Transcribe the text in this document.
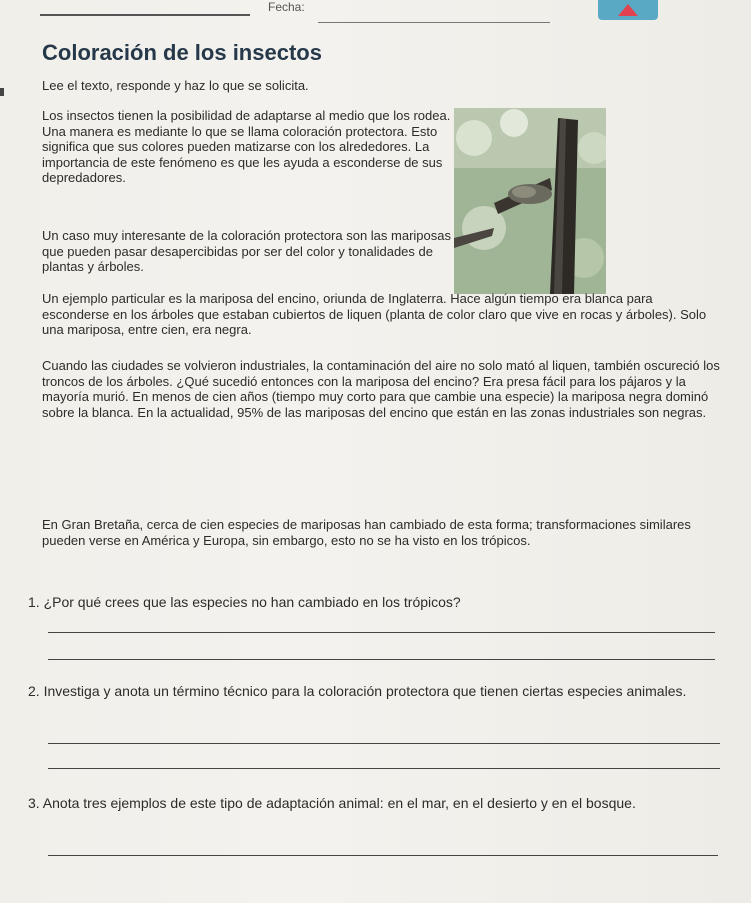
Fecha:
Coloración de los insectos
Lee el texto, responde y haz lo que se solicita.
Los insectos tienen la posibilidad de adaptarse al medio que los rodea. Una manera es mediante lo que se llama coloración protectora. Esto significa que sus colores pueden matizarse con los alrededores. La importancia de este fenómeno es que les ayuda a esconderse de sus depredadores.
Un caso muy interesante de la coloración protectora son las mariposas que pueden pasar desapercibidas por ser del color y tonalidades de plantas y árboles.
Un ejemplo particular es la mariposa del encino, oriunda de Inglaterra. Hace algún tiempo era blanca para esconderse en los árboles que estaban cubiertos de liquen (planta de color claro que vive en rocas y árboles). Solo una mariposa, entre cien, era negra.
Cuando las ciudades se volvieron industriales, la contaminación del aire no solo mató al liquen, también oscureció los troncos de los árboles. ¿Qué sucedió entonces con la mariposa del encino? Era presa fácil para los pájaros y la mayoría murió. En menos de cien años (tiempo muy corto para que cambie una especie) la mariposa negra dominó sobre la blanca. En la actualidad, 95% de las mariposas del encino que están en las zonas industriales son negras.
En Gran Bretaña, cerca de cien especies de mariposas han cambiado de esta forma; transformaciones similares pueden verse en América y Europa, sin embargo, esto no se ha visto en los trópicos.
1. ¿Por qué crees que las especies no han cambiado en los trópicos?
2. Investiga y anota un término técnico para la coloración protectora que tienen ciertas especies animales.
3. Anota tres ejemplos de este tipo de adaptación animal: en el mar, en el desierto y en el bosque.
